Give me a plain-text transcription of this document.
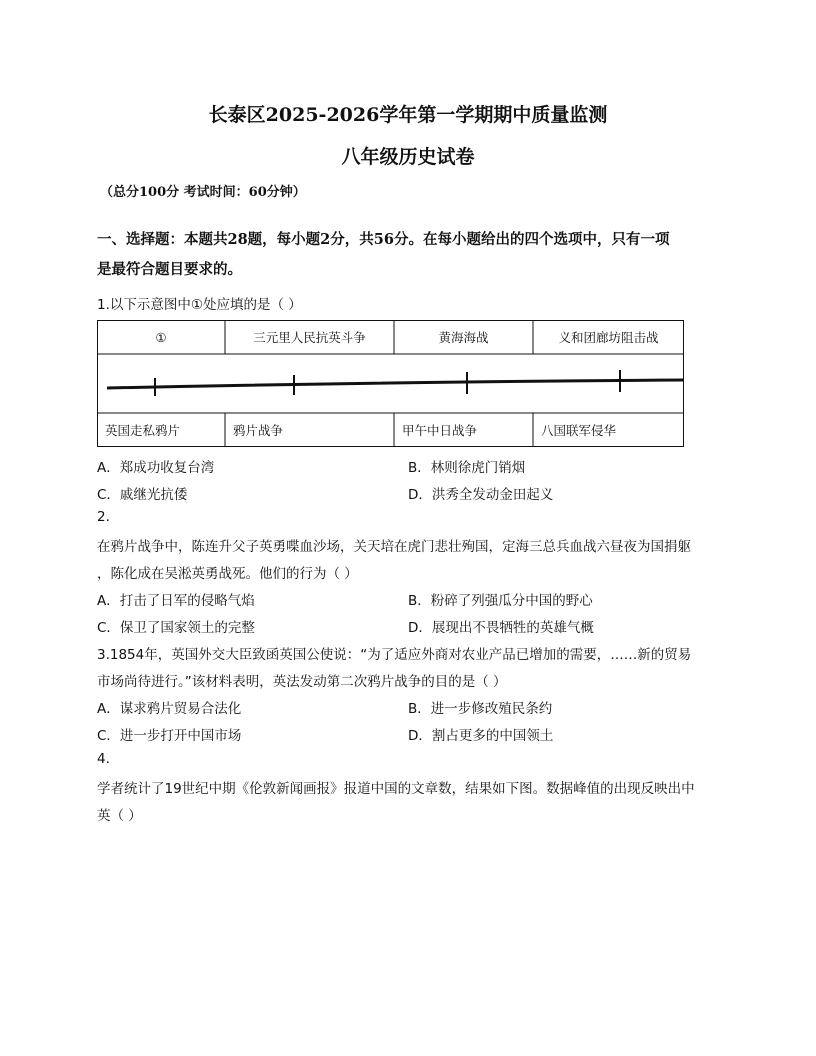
长泰区2025-2026学年第一学期期中质量监测
八年级历史试卷
（总分100分 考试时间：60分钟）
一、选择题：本题共28题，每小题2分，共56分。在每小题给出的四个选项中，只有一项
是最符合题目要求的。
1.以下示意图中①处应填的是（ ）
①	三元里人民抗英斗争	黄海海战	义和团廊坊阻击战
英国走私鸦片	鸦片战争	甲午中日战争	八国联军侵华
A．郑成功收复台湾	B．林则徐虎门销烟
C．戚继光抗倭	D．洪秀全发动金田起义
2.
在鸦片战争中，陈连升父子英勇喋血沙场，关天培在虎门悲壮殉国，定海三总兵血战六昼夜为国捐躯
，陈化成在吴淞英勇战死。他们的行为（ ）
A．打击了日军的侵略气焰	B．粉碎了列强瓜分中国的野心
C．保卫了国家领土的完整	D．展现出不畏牺牲的英雄气概
3.1854年，英国外交大臣致函英国公使说：“为了适应外商对农业产品已增加的需要，……新的贸易
市场尚待进行。”该材料表明，英法发动第二次鸦片战争的目的是（ ）
A．谋求鸦片贸易合法化	B．进一步修改殖民条约
C．进一步打开中国市场	D．割占更多的中国领土
4.
学者统计了19世纪中期《伦敦新闻画报》报道中国的文章数，结果如下图。数据峰值的出现反映出中
英（ ）
